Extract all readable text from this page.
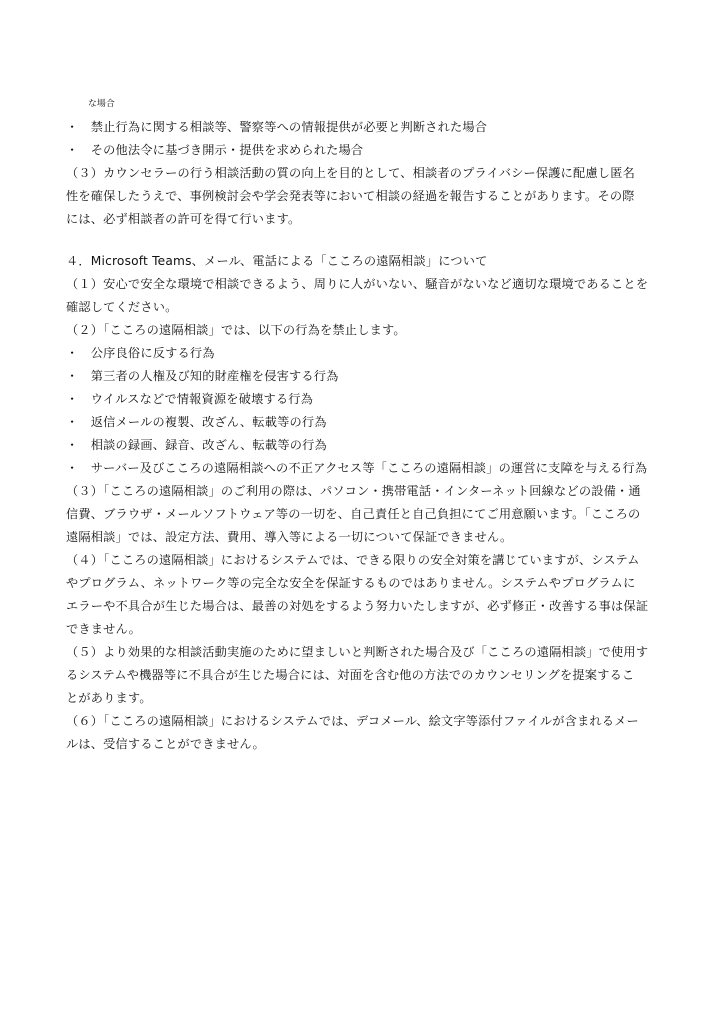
な場合
・　禁止行為に関する相談等、警察等への情報提供が必要と判断された場合
・　その他法令に基づき開示・提供を求められた場合
（３）カウンセラーの行う相談活動の質の向上を目的として、相談者のプライバシー保護に配慮し匿名
性を確保したうえで、事例検討会や学会発表等において相談の経過を報告することがあります。その際
には、必ず相談者の許可を得て行います。
４．Microsoft Teams、メール、電話による「こころの遠隔相談」について
（１）安心で安全な環境で相談できるよう、周りに人がいない、騒音がないなど適切な環境であることを
確認してください。
（２）「こころの遠隔相談」では、以下の行為を禁止します。
・　公序良俗に反する行為
・　第三者の人権及び知的財産権を侵害する行為
・　ウイルスなどで情報資源を破壊する行為
・　返信メールの複製、改ざん、転載等の行為
・　相談の録画、録音、改ざん、転載等の行為
・　サーバー及びこころの遠隔相談への不正アクセス等「こころの遠隔相談」の運営に支障を与える行為
（３）「こころの遠隔相談」のご利用の際は、パソコン・携帯電話・インターネット回線などの設備・通
信費、ブラウザ・メールソフトウェア等の一切を、自己責任と自己負担にてご用意願います。「こころの
遠隔相談」では、設定方法、費用、導入等による一切について保証できません。
（４）「こころの遠隔相談」におけるシステムでは、できる限りの安全対策を講じていますが、システム
やプログラム、ネットワーク等の完全な安全を保証するものではありません。システムやプログラムに
エラーや不具合が生じた場合は、最善の対処をするよう努力いたしますが、必ず修正・改善する事は保証
できません。
（５）より効果的な相談活動実施のために望ましいと判断された場合及び「こころの遠隔相談」で使用す
るシステムや機器等に不具合が生じた場合には、対面を含む他の方法でのカウンセリングを提案するこ
とがあります。
（６）「こころの遠隔相談」におけるシステムでは、デコメール、絵文字等添付ファイルが含まれるメー
ルは、受信することができません。
